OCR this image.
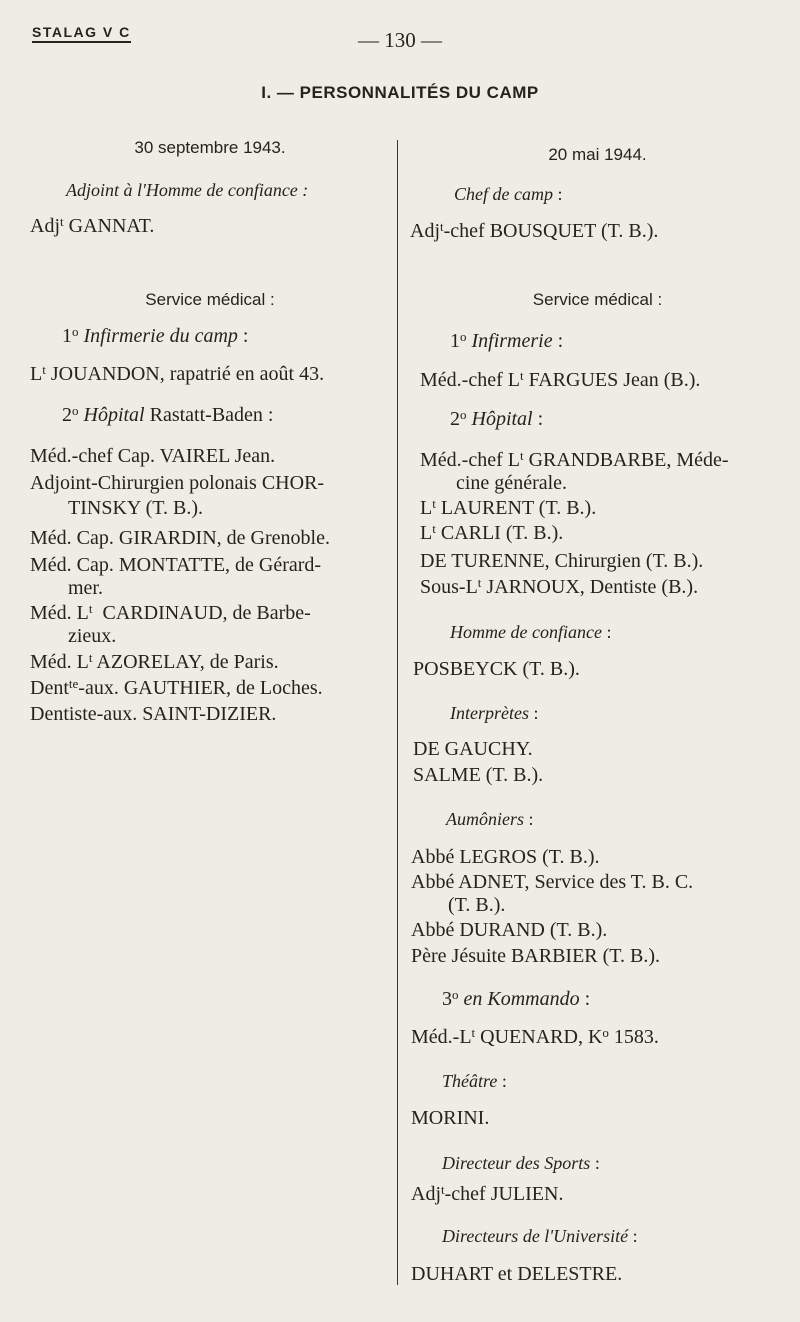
STALAG V C	— 130 —
I. — PERSONNALITÉS DU CAMP
30 septembre 1943.
Adjoint à l'Homme de confiance :
Adj$^t$ GANNAT.
Service médical :
1$^o$ Infirmerie du camp :
$L^t$ JOUANDON, rapatrié en août 43.
2$^o$ Hôpital Rastatt-Baden :
Méd.-chef Cap. VAIREL Jean.
Adjoint-Chirurgien polonais CHOR-
TINSKY (T. B.).
Méd. Cap. GIRARDIN, de Grenoble.
Méd. Cap. MONTATTE, de Gérard-
mer.
Méd. $L^t$ CARDINAUD, de Barbe-
zieux.
Méd. $L^t$ AZORELAY, de Paris.
Dent$^{te}$-aux. GAUTHIER, de Loches.
Dentiste-aux. SAINT-DIZIER.
20 mai 1944.
Chef de camp :
Adj$^t$-chef BOUSQUET (T. B.).
Service médical :
1$^o$ Infirmerie :
Méd.-chef $L^t$ FARGUES Jean (B.).
2$^o$ Hôpital :
Méd.-chef $L^t$ GRANDBARBE, Méde-
cine générale.
$L^t$ LAURENT (T. B.).
$L^t$ CARLI (T. B.).
DE TURENNE, Chirurgien (T. B.).
Sous-$L^t$ JARNOUX, Dentiste (B.).
Homme de confiance :
POSBEYCK (T. B.).
Interprètes :
DE GAUCHY.
SALME (T. B.).
Aumôniers :
Abbé LEGROS (T. B.).
Abbé ADNET, Service des T. B. C.
(T. B.).
Abbé DURAND (T. B.).
Père Jésuite BARBIER (T. B.).
3$^o$ en Kommando :
$Méd.-L^t$ QUENARD, $K^o$ 1583.
Théâtre :
MORINI.
Directeur des Sports :
Adj$^t$-chef JULIEN.
Directeurs de l'Université :
DUHART et DELESTRE.
